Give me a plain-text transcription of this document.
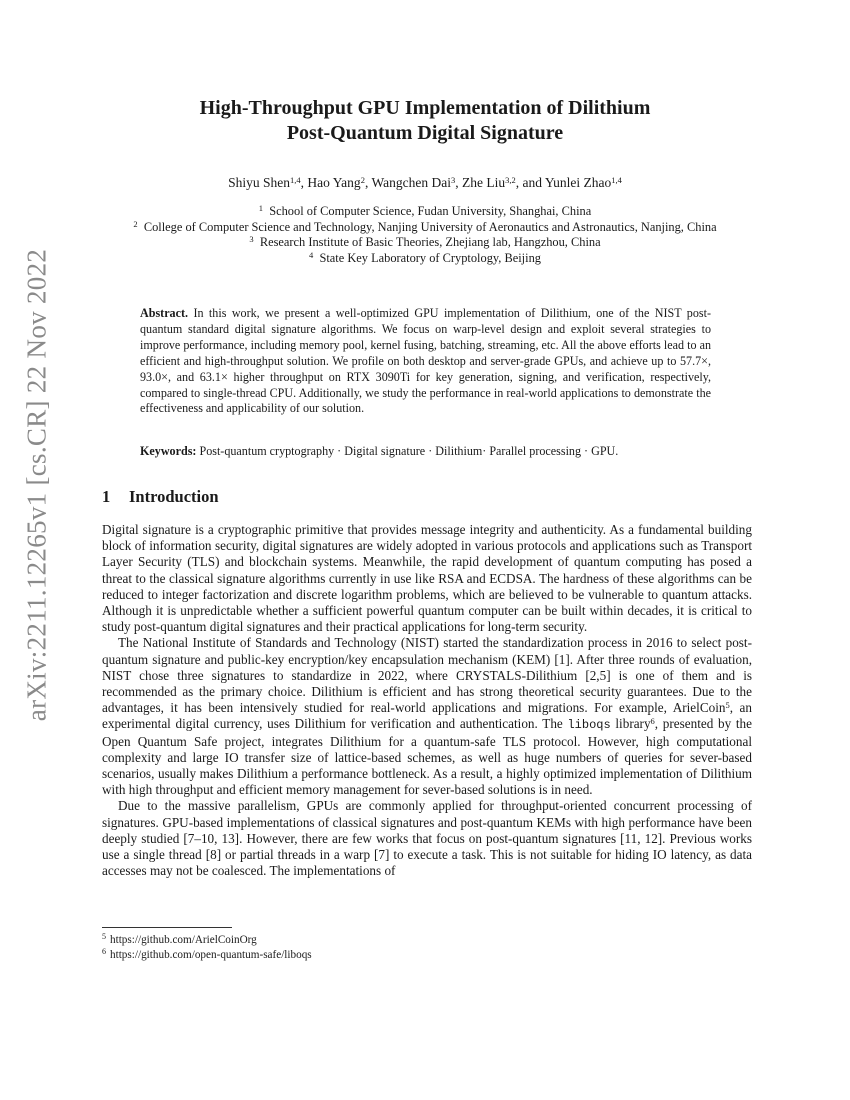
arXiv:2211.12265v1 [cs.CR] 22 Nov 2022
High-Throughput GPU Implementation of Dilithium
Post-Quantum Digital Signature
Shiyu Shen$^{1,4}$, Hao Yang$^2$, Wangchen Dai$^3$, Zhe Liu$^{3,2}$, and Yunlei Zhao$^{1,4}$
$^1$ School of Computer Science, Fudan University, Shanghai, China
$^2$ College of Computer Science and Technology, Nanjing University of Aeronautics and Astronautics, Nanjing, China
$^3$ Research Institute of Basic Theories, Zhejiang lab, Hangzhou, China
$^4$ State Key Laboratory of Cryptology, Beijing
Abstract. In this work, we present a well-optimized GPU implementation of Dilithium, one of the NIST post-quantum standard digital signature algorithms. We focus on warp-level design and exploit several strategies to improve performance, including memory pool, kernel fusing, batching, streaming, etc. All the above efforts lead to an efficient and high-throughput solution. We profile on both desktop and server-grade GPUs, and achieve up to 57.7×, 93.0×, and 63.1× higher throughput on RTX 3090Ti for key generation, signing, and verification, respectively, compared to single-thread CPU. Additionally, we study the performance in real-world applications to demonstrate the effectiveness and applicability of our solution.
Keywords: Post-quantum cryptography · Digital signature · Dilithium· Parallel processing · GPU.
1 Introduction

Digital signature is a cryptographic primitive that provides message integrity and authenticity. As a fundamental building block of information security, digital signatures are widely adopted in various protocols and applications such as Transport Layer Security (TLS) and blockchain systems. Meanwhile, the rapid development of quantum computing has posed a threat to the classical signature algorithms currently in use like RSA and ECDSA. The hardness of these algorithms can be reduced to integer factorization and discrete logarithm problems, which are believed to be vulnerable to quantum attacks. Although it is unpredictable whether a sufficient powerful quantum computer can be built within decades, it is critical to study post-quantum digital signatures and their practical applications for long-term security.

The National Institute of Standards and Technology (NIST) started the standardization process in 2016 to select post-quantum signature and public-key encryption/key encapsulation mechanism (KEM) [1]. After three rounds of evaluation, NIST chose three signatures to standardize in 2022, where CRYSTALS-Dilithium [2,5] is one of them and is recommended as the primary choice. Dilithium is efficient and has strong theoretical security guarantees. Due to the advantages, it has been intensively studied for real-world applications and migrations. For example, ArielCoin$^5$, an experimental digital currency, uses Dilithium for verification and authentication. The liboqs library$^6$, presented by the Open Quantum Safe project, integrates Dilithium for a quantum-safe TLS protocol. However, high computational complexity and large IO transfer size of lattice-based schemes, as well as huge numbers of queries for sever-based scenarios, usually makes Dilithium a performance bottleneck. As a result, a highly optimized implementation of Dilithium with high throughput and efficient memory management for sever-based solutions is in need.

Due to the massive parallelism, GPUs are commonly applied for throughput-oriented concurrent processing of signatures. GPU-based implementations of classical signatures and post-quantum KEMs with high performance have been deeply studied [7–10, 13]. However, there are few works that focus on post-quantum signatures [11, 12]. Previous works use a single thread [8] or partial threads in a warp [7] to execute a task. This is not suitable for hiding IO latency, as data accesses may not be coalesced. The implementations of

$^5$ https://github.com/ArielCoinOrg
$^6$ https://github.com/open-quantum-safe/liboqs
